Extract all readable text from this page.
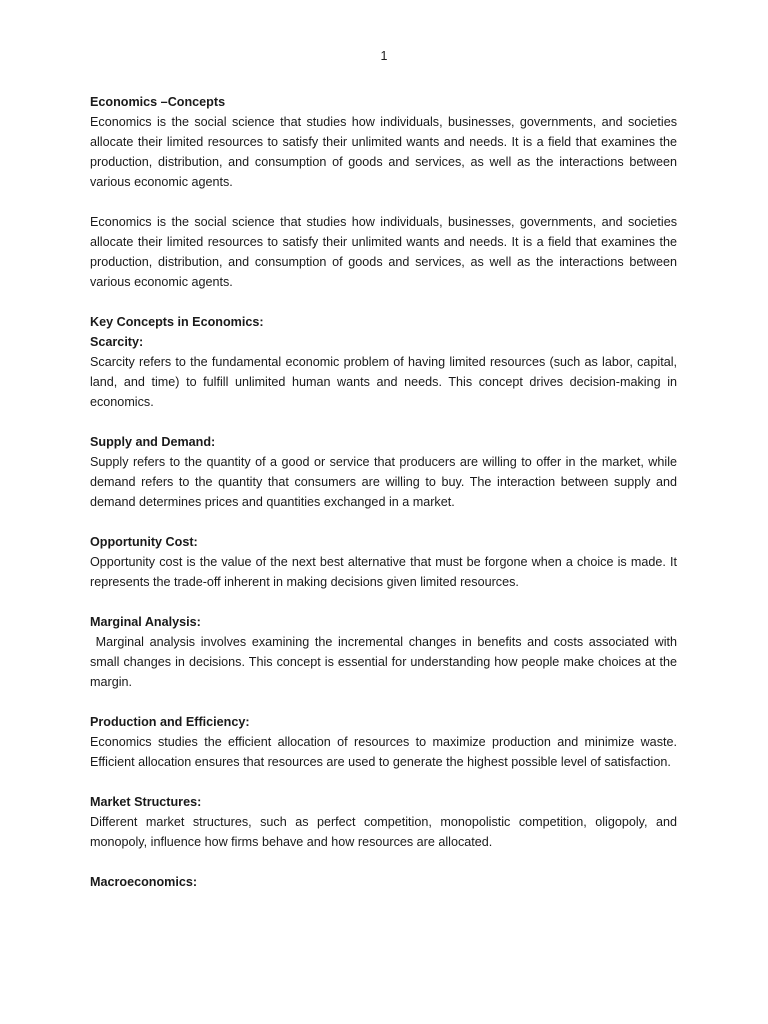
1

Economics –Concepts

Economics is the social science that studies how individuals, businesses, governments, and societies allocate their limited resources to satisfy their unlimited wants and needs. It is a field that examines the production, distribution, and consumption of goods and services, as well as the interactions between various economic agents.

Economics is the social science that studies how individuals, businesses, governments, and societies allocate their limited resources to satisfy their unlimited wants and needs. It is a field that examines the production, distribution, and consumption of goods and services, as well as the interactions between various economic agents.

Key Concepts in Economics:

Scarcity:
Scarcity refers to the fundamental economic problem of having limited resources (such as labor, capital, land, and time) to fulfill unlimited human wants and needs. This concept drives decision-making in economics.
Supply and Demand:
Supply refers to the quantity of a good or service that producers are willing to offer in the market, while demand refers to the quantity that consumers are willing to buy. The interaction between supply and demand determines prices and quantities exchanged in a market.
Opportunity Cost:
Opportunity cost is the value of the next best alternative that must be forgone when a choice is made. It represents the trade-off inherent in making decisions given limited resources.
Marginal Analysis:
Marginal analysis involves examining the incremental changes in benefits and costs associated with small changes in decisions. This concept is essential for understanding how people make choices at the margin.
Production and Efficiency:
Economics studies the efficient allocation of resources to maximize production and minimize waste. Efficient allocation ensures that resources are used to generate the highest possible level of satisfaction.
Market Structures:
Different market structures, such as perfect competition, monopolistic competition, oligopoly, and monopoly, influence how firms behave and how resources are allocated.
Macroeconomics:
